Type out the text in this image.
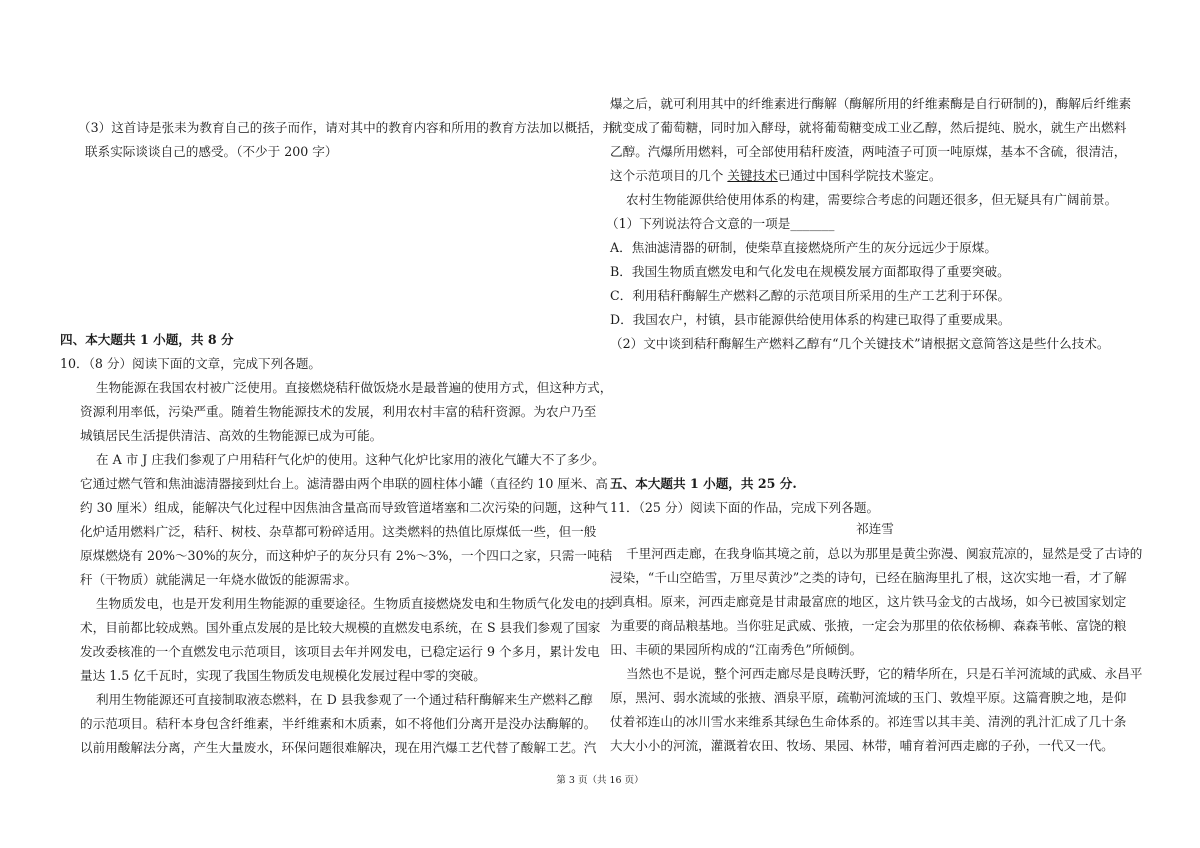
（3）这首诗是张耒为教育自己的孩子而作，请对其中的教育内容和所用的教育方法加以概括，并
联系实际谈谈自己的感受。（不少于 200 字）
四、本大题共 1 小题，共 8 分
10．（8 分）阅读下面的文章，完成下列各题。
生物能源在我国农村被广泛使用。直接燃烧秸秆做饭烧水是最普遍的使用方式，但这种方式，
资源利用率低，污染严重。随着生物能源技术的发展，利用农村丰富的秸秆资源。为农户乃至
城镇居民生活提供清洁、高效的生物能源已成为可能。
在 A 市 J 庄我们参观了户用秸秆气化炉的使用。这种气化炉比家用的液化气罐大不了多少。
它通过燃气管和焦油滤清器接到灶台上。滤清器由两个串联的圆柱体小罐（直径约 10 厘米、高
约 30 厘米）组成，能解决气化过程中因焦油含量高而导致管道堵塞和二次污染的问题，这种气
化炉适用燃料广泛，秸秆、树枝、杂草都可粉碎适用。这类燃料的热值比原煤低一些，但一般
原煤燃烧有 20%～30%的灰分，而这种炉子的灰分只有 2%～3%，一个四口之家，只需一吨秸
秆（干物质）就能满足一年烧水做饭的能源需求。
生物质发电，也是开发利用生物能源的重要途径。生物质直接燃烧发电和生物质气化发电的技
术，目前都比较成熟。国外重点发展的是比较大规模的直燃发电系统，在 S 县我们参观了国家
发改委核准的一个直燃发电示范项目，该项目去年并网发电，已稳定运行 9 个多月，累计发电
量达 1.5 亿千瓦时，实现了我国生物质发电规模化发展过程中零的突破。
利用生物能源还可直接制取液态燃料，在 D 县我参观了一个通过秸秆酶解来生产燃料乙醇
的示范项目。秸秆本身包含纤维素，半纤维素和木质素，如不将他们分离开是没办法酶解的。
以前用酸解法分离，产生大量废水，环保问题很难解决，现在用汽爆工艺代替了酸解工艺。汽
爆之后，就可利用其中的纤维素进行酶解（酶解所用的纤维素酶是自行研制的)，酶解后纤维素
就变成了葡萄糖，同时加入酵母，就将葡萄糖变成工业乙醇，然后提纯、脱水，就生产出燃料
乙醇。汽爆所用燃料，可全部使用秸秆废渣，两吨渣子可顶一吨原煤，基本不含硫，很清洁，
这个示范项目的几个 关键技术已通过中国科学院技术鉴定。
农村生物能源供给使用体系的构建，需要综合考虑的问题还很多，但无疑具有广阔前景。
（1）下列说法符合文意的一项是_______
A．焦油滤清器的研制，使柴草直接燃烧所产生的灰分远远少于原煤。
B．我国生物质直燃发电和气化发电在规模发展方面都取得了重要突破。
C．利用秸秆酶解生产燃料乙醇的示范项目所采用的生产工艺利于环保。
D．我国农户，村镇，县市能源供给使用体系的构建已取得了重要成果。
（2）文中谈到秸秆酶解生产燃料乙醇有“几个关键技术”请根据文意简答这是些什么技术。
五、本大题共 1 小题，共 25 分.
11．（25 分）阅读下面的作品，完成下列各题。
祁连雪
千里河西走廊，在我身临其境之前，总以为那里是黄尘弥漫、阒寂荒凉的，显然是受了古诗的
浸染，“千山空皓雪，万里尽黄沙”之类的诗句，已经在脑海里扎了根，这次实地一看，才了解
到真相。原来，河西走廊竟是甘肃最富庶的地区，这片铁马金戈的古战场，如今已被国家划定
为重要的商品粮基地。当你驻足武威、张掖，一定会为那里的依依杨柳、森森苇帐、富饶的粮
田、丰硕的果园所构成的“江南秀色”所倾倒。
当然也不是说，整个河西走廊尽是良畴沃野，它的精华所在，只是石羊河流域的武威、永昌平
原，黑河、弱水流域的张掖、酒泉平原，疏勒河流域的玉门、敦煌平原。这篇膏腴之地，是仰
仗着祁连山的冰川雪水来维系其绿色生命体系的。祁连雪以其丰美、清洌的乳汁汇成了几十条
大大小小的河流，灌溉着农田、牧场、果园、林带，哺育着河西走廊的子孙，一代又一代。
第 3 页（共 16 页）
